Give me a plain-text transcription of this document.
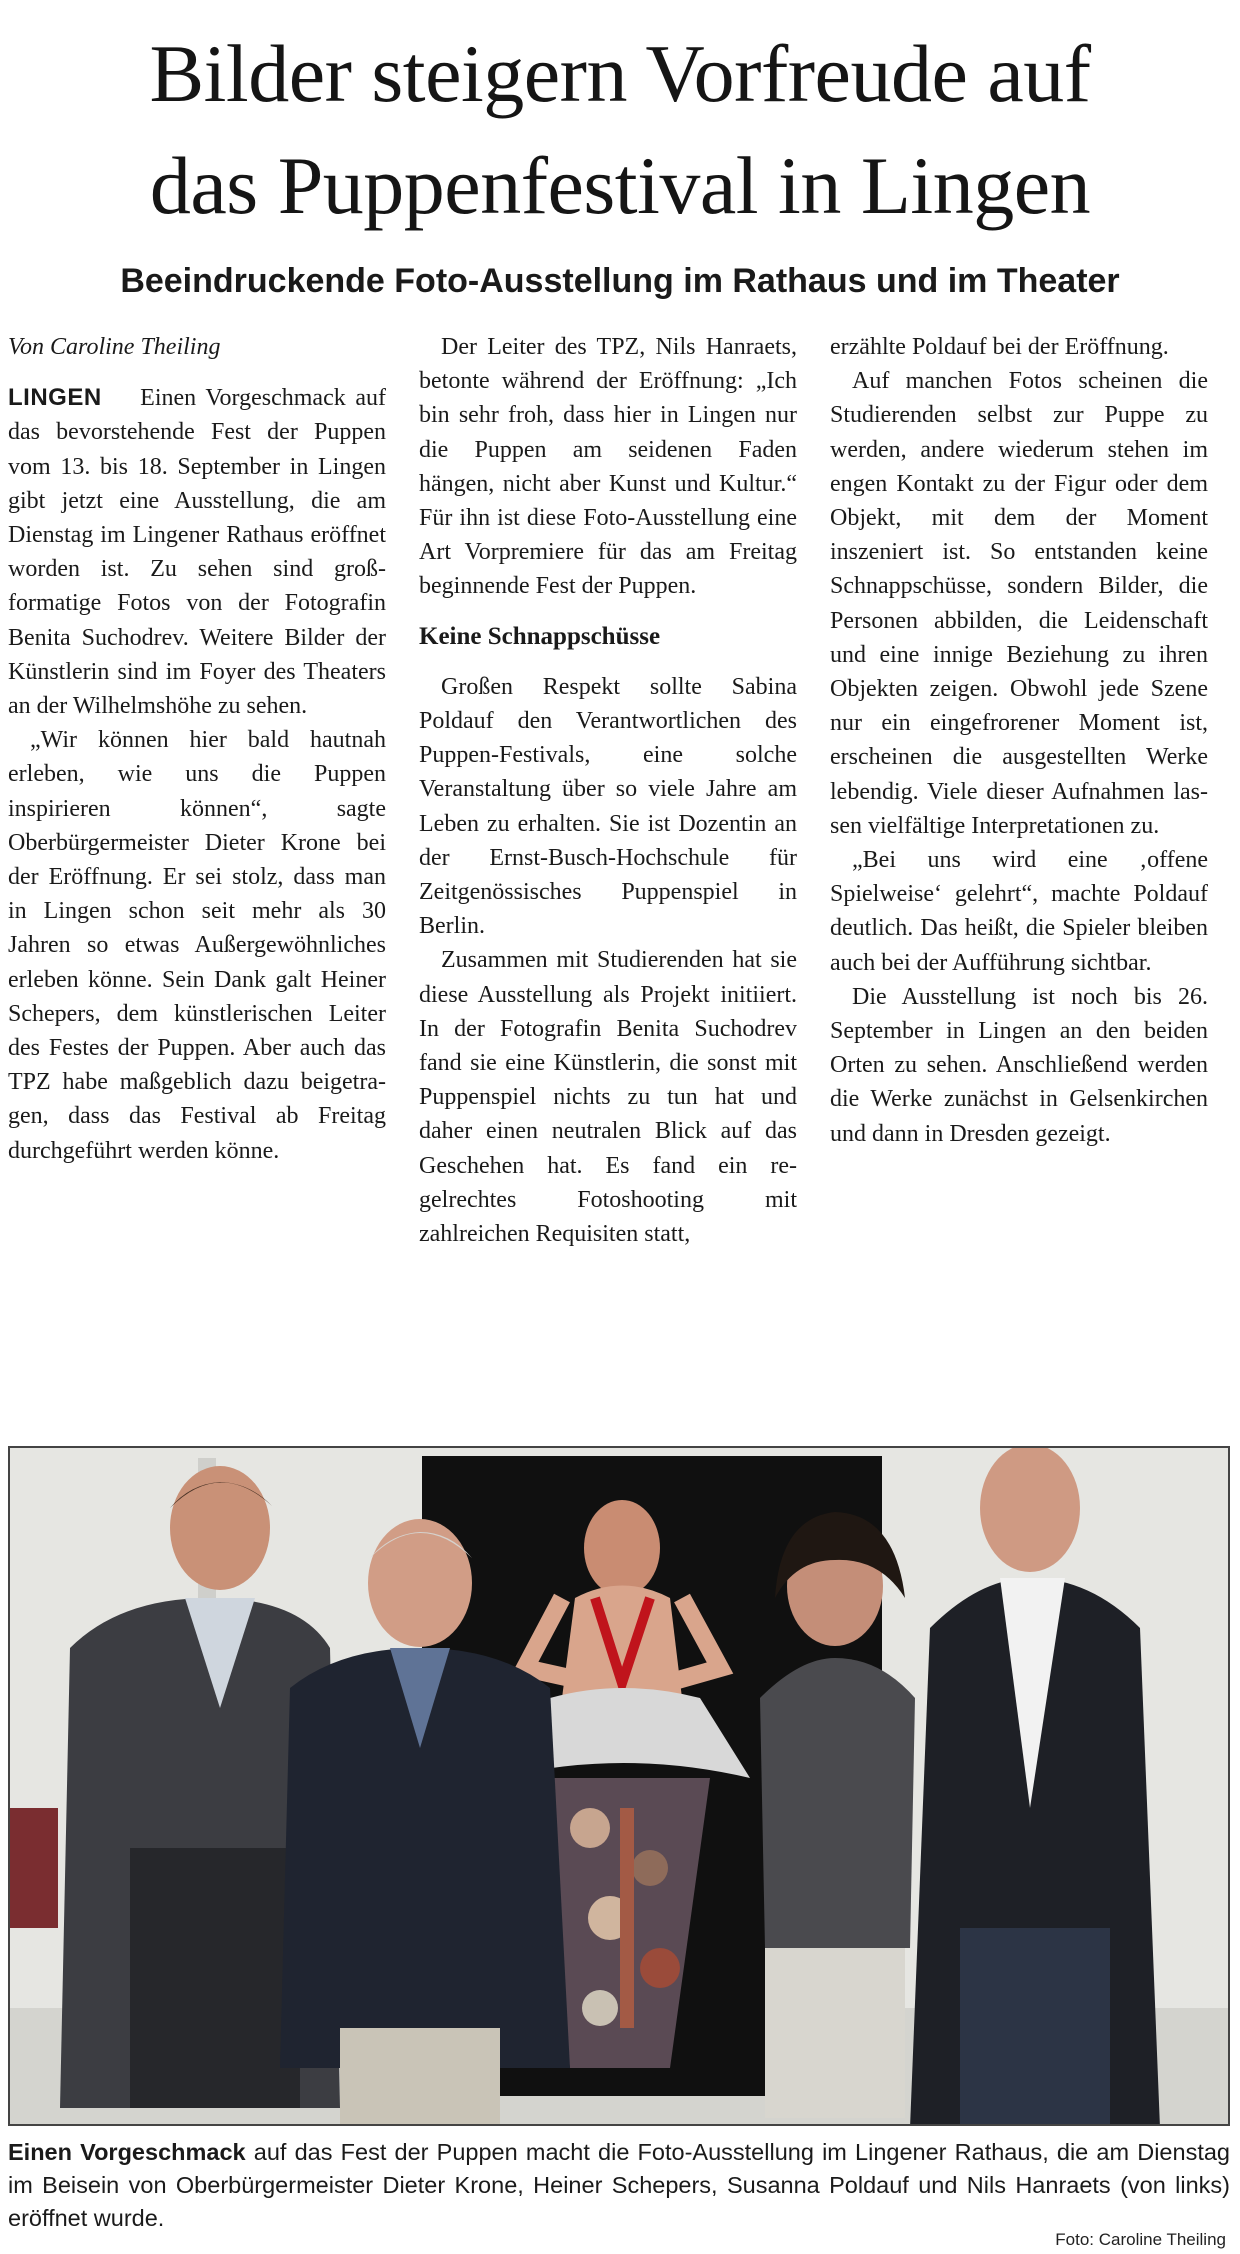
Bilder steigern Vorfreude auf
das Puppenfestival in Lingen
Beeindruckende Foto-Ausstellung im Rathaus und im Theater

Von Caroline Theiling

LINGEN Einen Vorgeschmack auf das bevorstehende Fest der Puppen vom 13. bis 18. September in Lingen gibt jetzt eine Ausstellung, die am Dienstag im Lingener Rathaus eröffnet worden ist. Zu sehen sind großformatige Fotos von der Fotografin Benita Suchodrev. Weitere Bilder der Künstlerin sind im Foyer des Theaters an der Wilhelmshöhe zu sehen.

„Wir können hier bald hautnah erleben, wie uns die Puppen inspirieren können“, sagte Oberbürgermeister Dieter Krone bei der Eröffnung. Er sei stolz, dass man in Lingen schon seit mehr als 30 Jahren so etwas Außergewöhnliches erleben könne. Sein Dank galt Heiner Schepers, dem künstlerischen Leiter des Festes der Puppen. Aber auch das TPZ habe maßgeblich dazu beigetragen, dass das Festival ab Freitag durchgeführt werden könne.

Der Leiter des TPZ, Nils Hanraets, betonte während der Eröffnung: „Ich bin sehr froh, dass hier in Lingen nur die Puppen am seidenen Faden hängen, nicht aber Kunst und Kultur.“ Für ihn ist diese Foto-Ausstellung eine Art Vorpremiere für das am Freitag beginnende Fest der Puppen.

Keine Schnappschüsse

Großen Respekt sollte Sabina Poldauf den Verantwortlichen des Puppen-Festivals, eine solche Veranstaltung über so viele Jahre am Leben zu erhalten. Sie ist Dozentin an der Ernst-Busch-Hochschule für Zeitgenössisches Puppenspiel in Berlin.

Zusammen mit Studierenden hat sie diese Ausstellung als Projekt initiiert. In der Fotografin Benita Suchodrev fand sie eine Künstlerin, die sonst mit Puppenspiel nichts zu tun hat und daher einen neutralen Blick auf das Geschehen hat. Es fand ein regelrechtes Fotoshooting mit zahlreichen Requisiten statt,

erzählte Poldauf bei der Eröffnung.

Auf manchen Fotos scheinen die Studierenden selbst zur Puppe zu werden, andere wiederum stehen im engen Kontakt zu der Figur oder dem Objekt, mit dem der Moment inszeniert ist. So entstanden keine Schnappschüsse, sondern Bilder, die Personen abbilden, die Leidenschaft und eine innige Beziehung zu ihren Objekten zeigen. Obwohl jede Szene nur ein eingefrorener Moment ist, erscheinen die ausgestellten Werke lebendig. Viele dieser Aufnahmen lassen vielfältige Interpretationen zu.

„Bei uns wird eine ‚offene Spielweise‘ gelehrt“, machte Poldauf deutlich. Das heißt, die Spieler bleiben auch bei der Aufführung sichtbar.

Die Ausstellung ist noch bis 26. September in Lingen an den beiden Orten zu sehen. Anschließend werden die Werke zunächst in Gelsenkirchen und dann in Dresden gezeigt.

Einen Vorgeschmack auf das Fest der Puppen macht die Foto-Ausstellung im Lingener Rathaus, die am Dienstag im Beisein von Oberbürgermeister Dieter Krone, Heiner Schepers, Susanna Poldauf und Nils Hanraets (von links) eröffnet wurde.
Foto: Caroline Theiling
